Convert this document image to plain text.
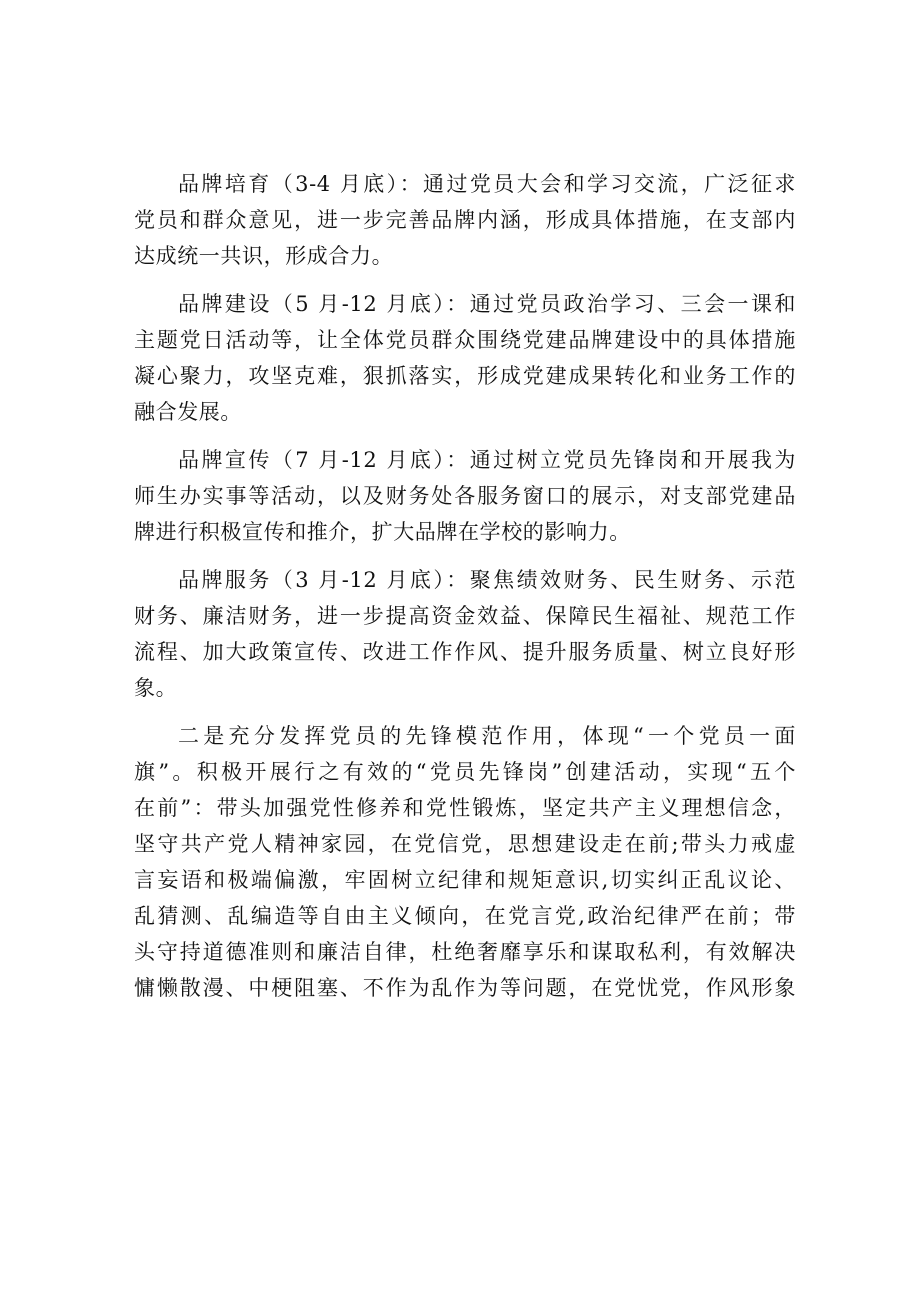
品牌培育（3-4 月底）：通过党员大会和学习交流，广泛征求
党员和群众意见，进一步完善品牌内涵，形成具体措施，在支部内
达成统一共识，形成合力。
品牌建设（5 月-12 月底）：通过党员政治学习、三会一课和
主题党日活动等，让全体党员群众围绕党建品牌建设中的具体措施
凝心聚力，攻坚克难，狠抓落实，形成党建成果转化和业务工作的
融合发展。
品牌宣传（7 月-12 月底）：通过树立党员先锋岗和开展我为
师生办实事等活动，以及财务处各服务窗口的展示，对支部党建品
牌进行积极宣传和推介，扩大品牌在学校的影响力。
品牌服务（3 月-12 月底）：聚焦绩效财务、民生财务、示范
财务、廉洁财务，进一步提高资金效益、保障民生福祉、规范工作
流程、加大政策宣传、改进工作作风、提升服务质量、树立良好形
象。
二是充分发挥党员的先锋模范作用，体现“一个党员一面
旗”。积极开展行之有效的“党员先锋岗”创建活动，实现“五个
在前”：带头加强党性修养和党性锻炼，坚定共产主义理想信念，
坚守共产党人精神家园，在党信党，思想建设走在前;带头力戒虚
言妄语和极端偏激，牢固树立纪律和规矩意识,切实纠正乱议论、
乱猜测、乱编造等自由主义倾向，在党言党,政治纪律严在前；带
头守持道德准则和廉洁自律，杜绝奢靡享乐和谋取私利，有效解决
慵懒散漫、中梗阻塞、不作为乱作为等问题，在党忧党，作风形象
